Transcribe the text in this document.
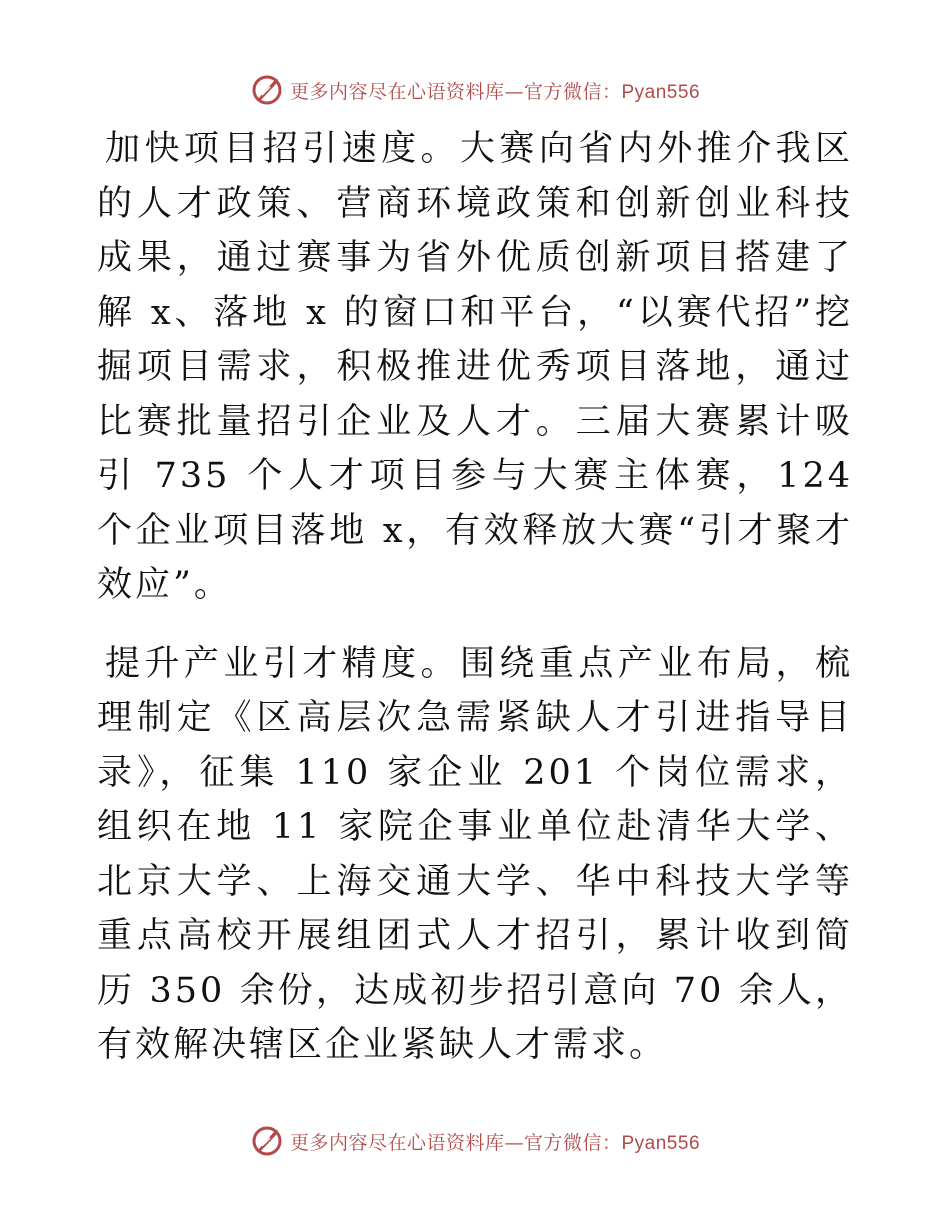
更多内容尽在心语资料库—官方微信：Pyan556

加快项目招引速度。大赛向省内外推介我区的人才政策、营商环境政策和创新创业科技成果，通过赛事为省外优质创新项目搭建了解 x、落地 x 的窗口和平台，“以赛代招”挖掘项目需求，积极推进优秀项目落地，通过比赛批量招引企业及人才。三届大赛累计吸引 735 个人才项目参与大赛主体赛，124 个企业项目落地 x，有效释放大赛“引才聚才效应”。

提升产业引才精度。围绕重点产业布局，梳理制定《区高层次急需紧缺人才引进指导目录》，征集 110 家企业 201 个岗位需求，组织在地 11 家院企事业单位赴清华大学、北京大学、上海交通大学、华中科技大学等重点高校开展组团式人才招引，累计收到简历 350 余份，达成初步招引意向 70 余人，有效解决辖区企业紧缺人才需求。

更多内容尽在心语资料库—官方微信：Pyan556
